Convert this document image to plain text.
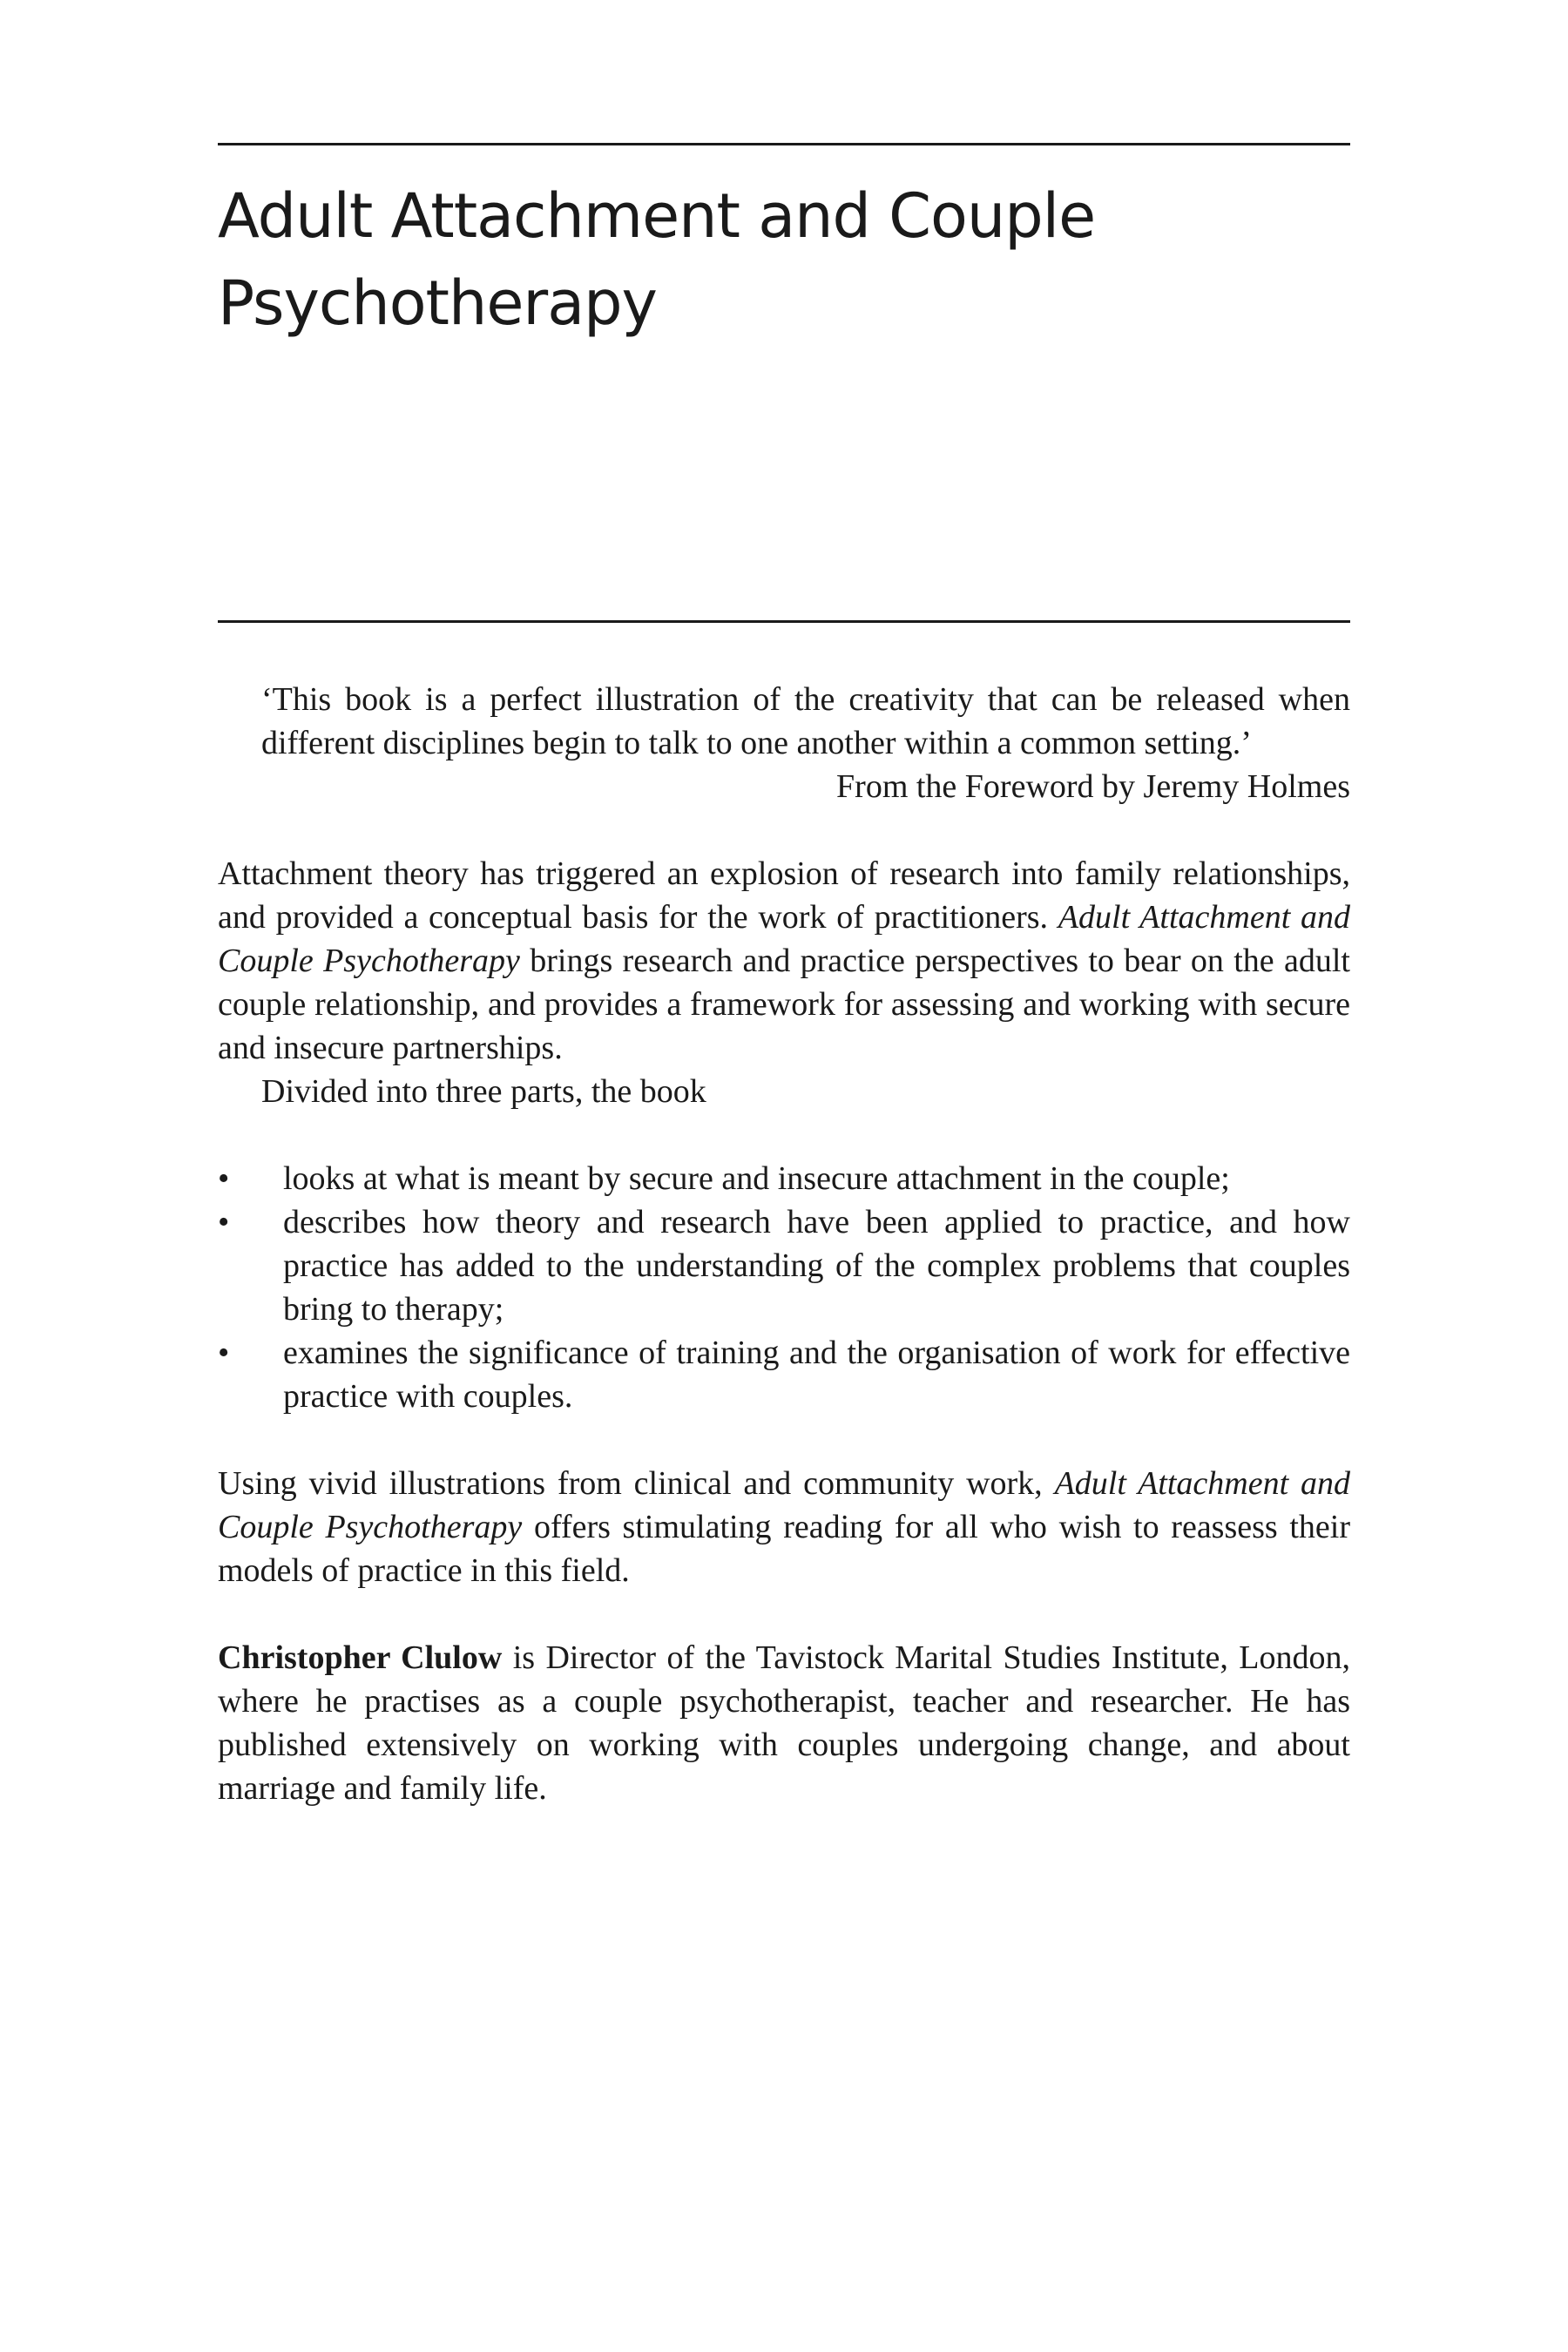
Adult Attachment and Couple Psychotherapy

‘This book is a perfect illustration of the creativity that can be released when different disciplines begin to talk to one another within a common setting.’

From the Foreword by Jeremy Holmes

Attachment theory has triggered an explosion of research into family relationships, and provided a conceptual basis for the work of practitioners. Adult Attachment and Couple Psychotherapy brings research and practice perspectives to bear on the adult couple relationship, and provides a framework for assessing and working with secure and insecure partnerships.

Divided into three parts, the book

• looks at what is meant by secure and insecure attachment in the couple;
• describes how theory and research have been applied to practice, and how practice has added to the understanding of the complex problems that couples bring to therapy;
• examines the significance of training and the organisation of work for effective practice with couples.

Using vivid illustrations from clinical and community work, Adult Attachment and Couple Psychotherapy offers stimulating reading for all who wish to reassess their models of practice in this field.

Christopher Clulow is Director of the Tavistock Marital Studies Institute, London, where he practises as a couple psychotherapist, teacher and researcher. He has published extensively on working with couples undergoing change, and about marriage and family life.
